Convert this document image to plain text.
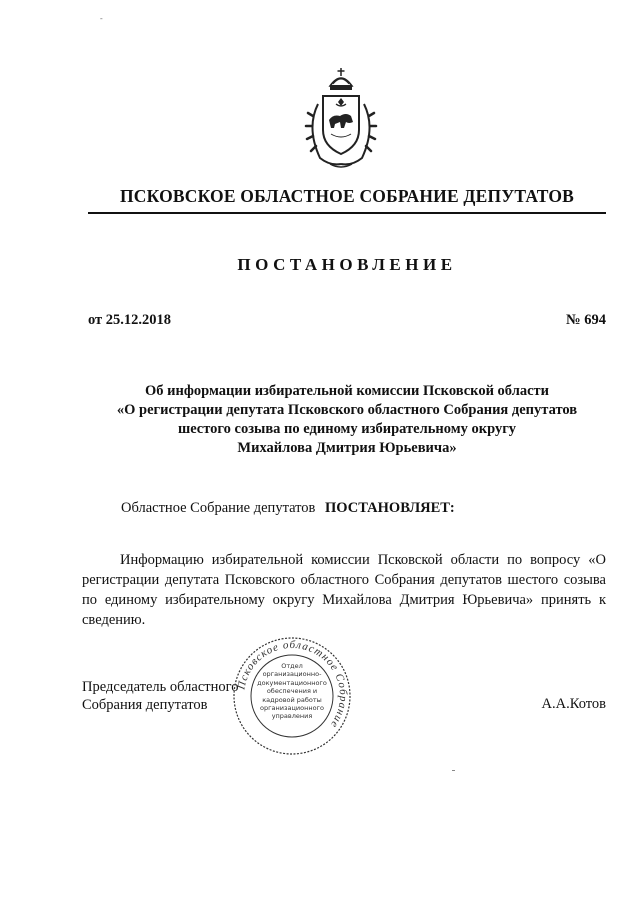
-
ПСКОВСКОЕ ОБЛАСТНОЕ СОБРАНИЕ ДЕПУТАТОВ
ПОСТАНОВЛЕНИЕ
от 25.12.2018	№ 694
Об информации избирательной комиссии Псковской области
«О регистрации депутата Псковского областного Собрания депутатов
шестого созыва по единому избирательному округу
Михайлова Дмитрия Юрьевича»
Областное Собрание депутатов ПОСТАНОВЛЯЕТ:
Информацию избирательной комиссии Псковской области по вопросу «О регистрации депутата Псковского областного Собрания депутатов шестого созыва по единому избирательному округу Михайлова Дмитрия Юрьевича» принять к сведению.
Председатель областного
Собрания депутатов	А.А.Котов
Псковское областное Собрание
Отдел
организационно-
документационного
обеспечения и
кадровой работы
организационного
управления
